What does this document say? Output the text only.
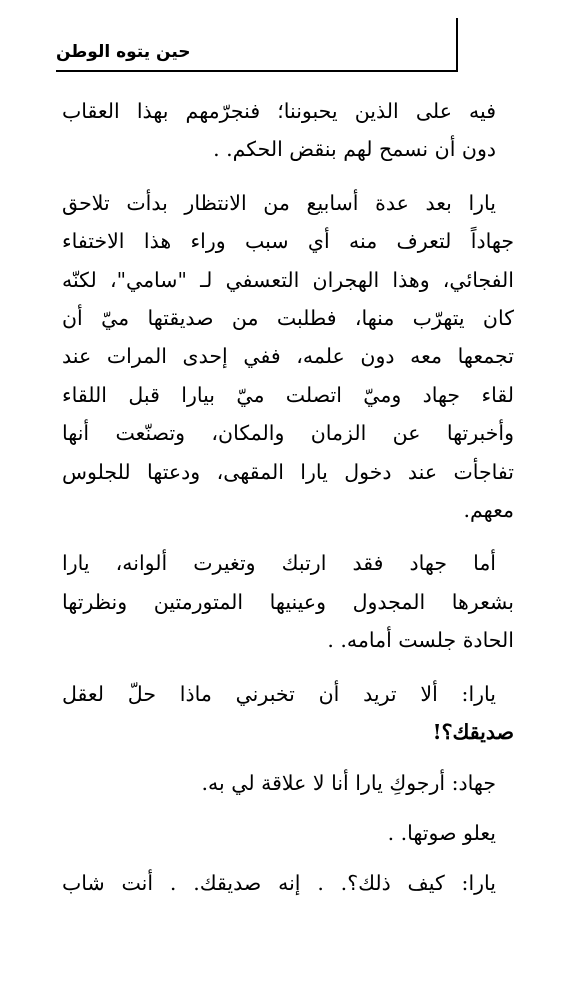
حين يتوه الوطن
فيه على الذين يحبوننا؛ فنجرّمهم بهذا العقاب
دون أن نسمح لهم بنقض الحكم. .
يارا بعد عدة أسابيع من الانتظار بدأت تلاحق
جهاداً لتعرف منه أي سبب وراء هذا الاختفاء
الفجائي، وهذا الهجران التعسفي لـ "سامي"، لكنّه
كان يتهرّب منها، فطلبت من صديقتها ميّ أن
تجمعها معه دون علمه، ففي إحدى المرات عند
لقاء جهاد وميّ اتصلت ميّ بيارا قبل اللقاء
وأخبرتها عن الزمان والمكان، وتصنّعت أنها
تفاجأت عند دخول يارا المقهى، ودعتها للجلوس
معهم.
أما جهاد فقد ارتبك وتغيرت ألوانه، يارا
بشعرها المجدول وعينيها المتورمتين ونظرتها
الحادة جلست أمامه. .
يارا: ألا تريد أن تخبرني ماذا حلّ لعقل
صديقك؟!
جهاد: أرجوكِ يارا أنا لا علاقة لي به.
يعلو صوتها. .
يارا: كيف ذلك؟. . إنه صديقك. . أنت شاب
